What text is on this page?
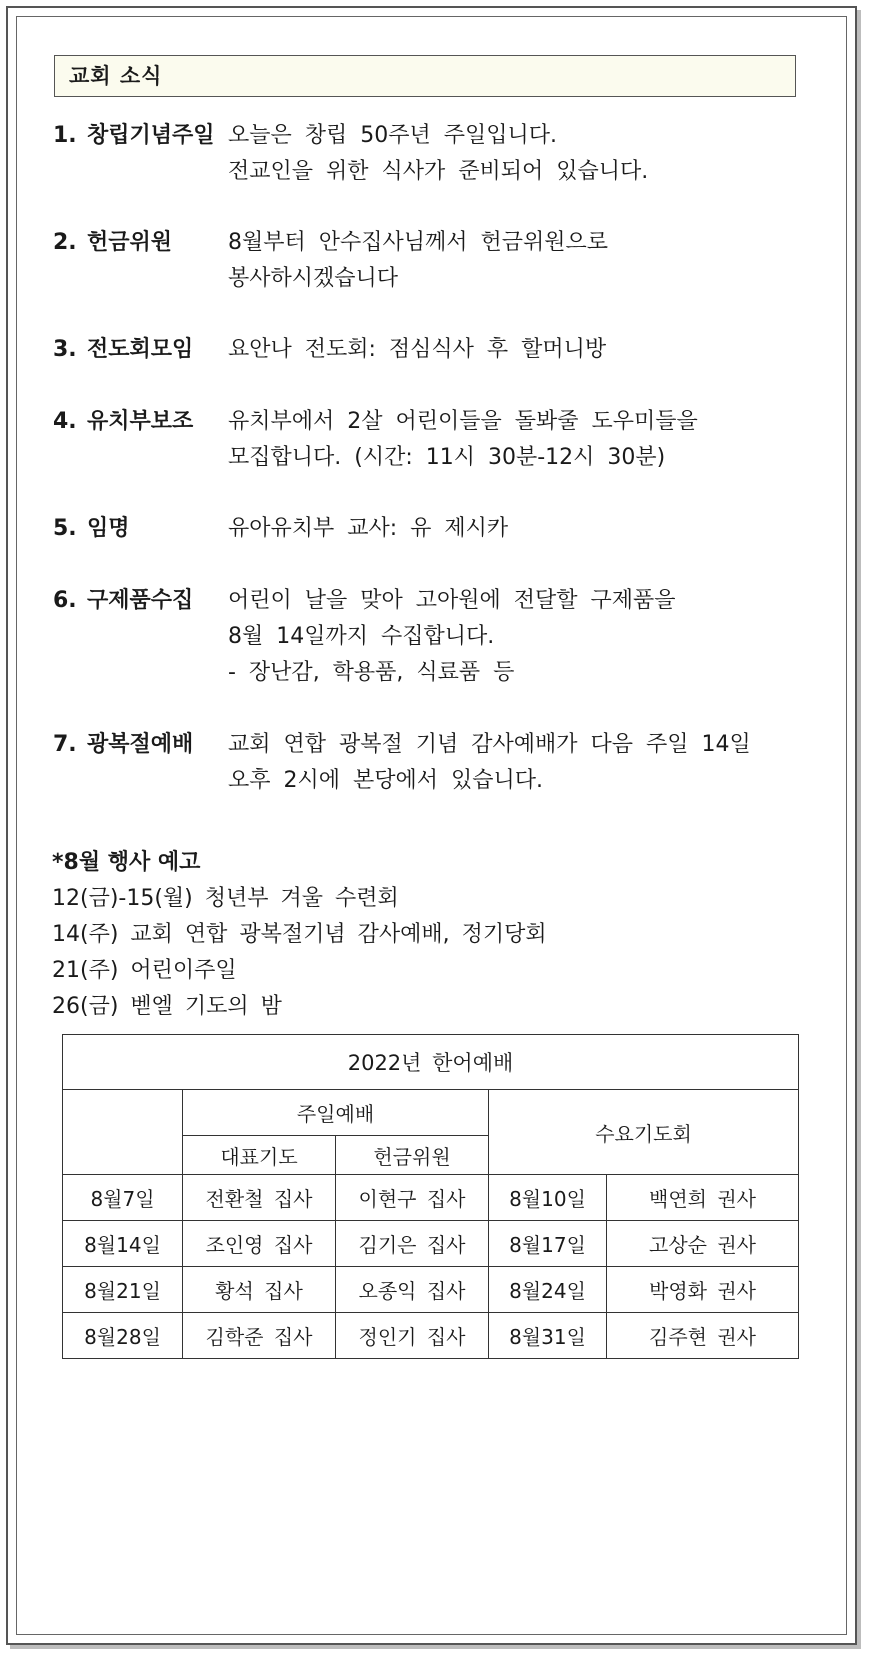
교회 소식
1. 창립기념주일 오늘은 창립 50주년 주일입니다.
전교인을 위한 식사가 준비되어 있습니다.
2. 헌금위원	8월부터 안수집사님께서 헌금위원으로
봉사하시겠습니다
3. 전도회모임 요안나 전도회: 점심식사 후 할머니방
4. 유치부보조 유치부에서 2살 어린이들을 돌봐줄 도우미들을
모집합니다. (시간: 11시 30분-12시 30분)
5. 임명	유아유치부 교사: 유 제시카
6. 구제품수집 어린이 날을 맞아 고아원에 전달할 구제품을
8월 14일까지 수집합니다.
- 장난감, 학용품, 식료품 등
7. 광복절예배 교회 연합 광복절 기념 감사예배가 다음 주일 14일
오후 2시에 본당에서 있습니다.
*8월 행사 예고
12(금)-15(월) 청년부 겨울 수련회
14(주) 교회 연합 광복절기념 감사예배, 정기당회
21(주) 어린이주일
26(금) 벧엘 기도의 밤
2022년 한어예배				
	주일예배		수요기도회	
	대표기도	헌금위원		
8월7일	전환철 집사	이현구 집사	8월10일	백연희 권사
8월14일	조인영 집사	김기은 집사	8월17일	고상순 권사
8월21일	황석 집사	오종익 집사	8월24일	박영화 권사
8월28일	김학준 집사	정인기 집사	8월31일	김주현 권사
